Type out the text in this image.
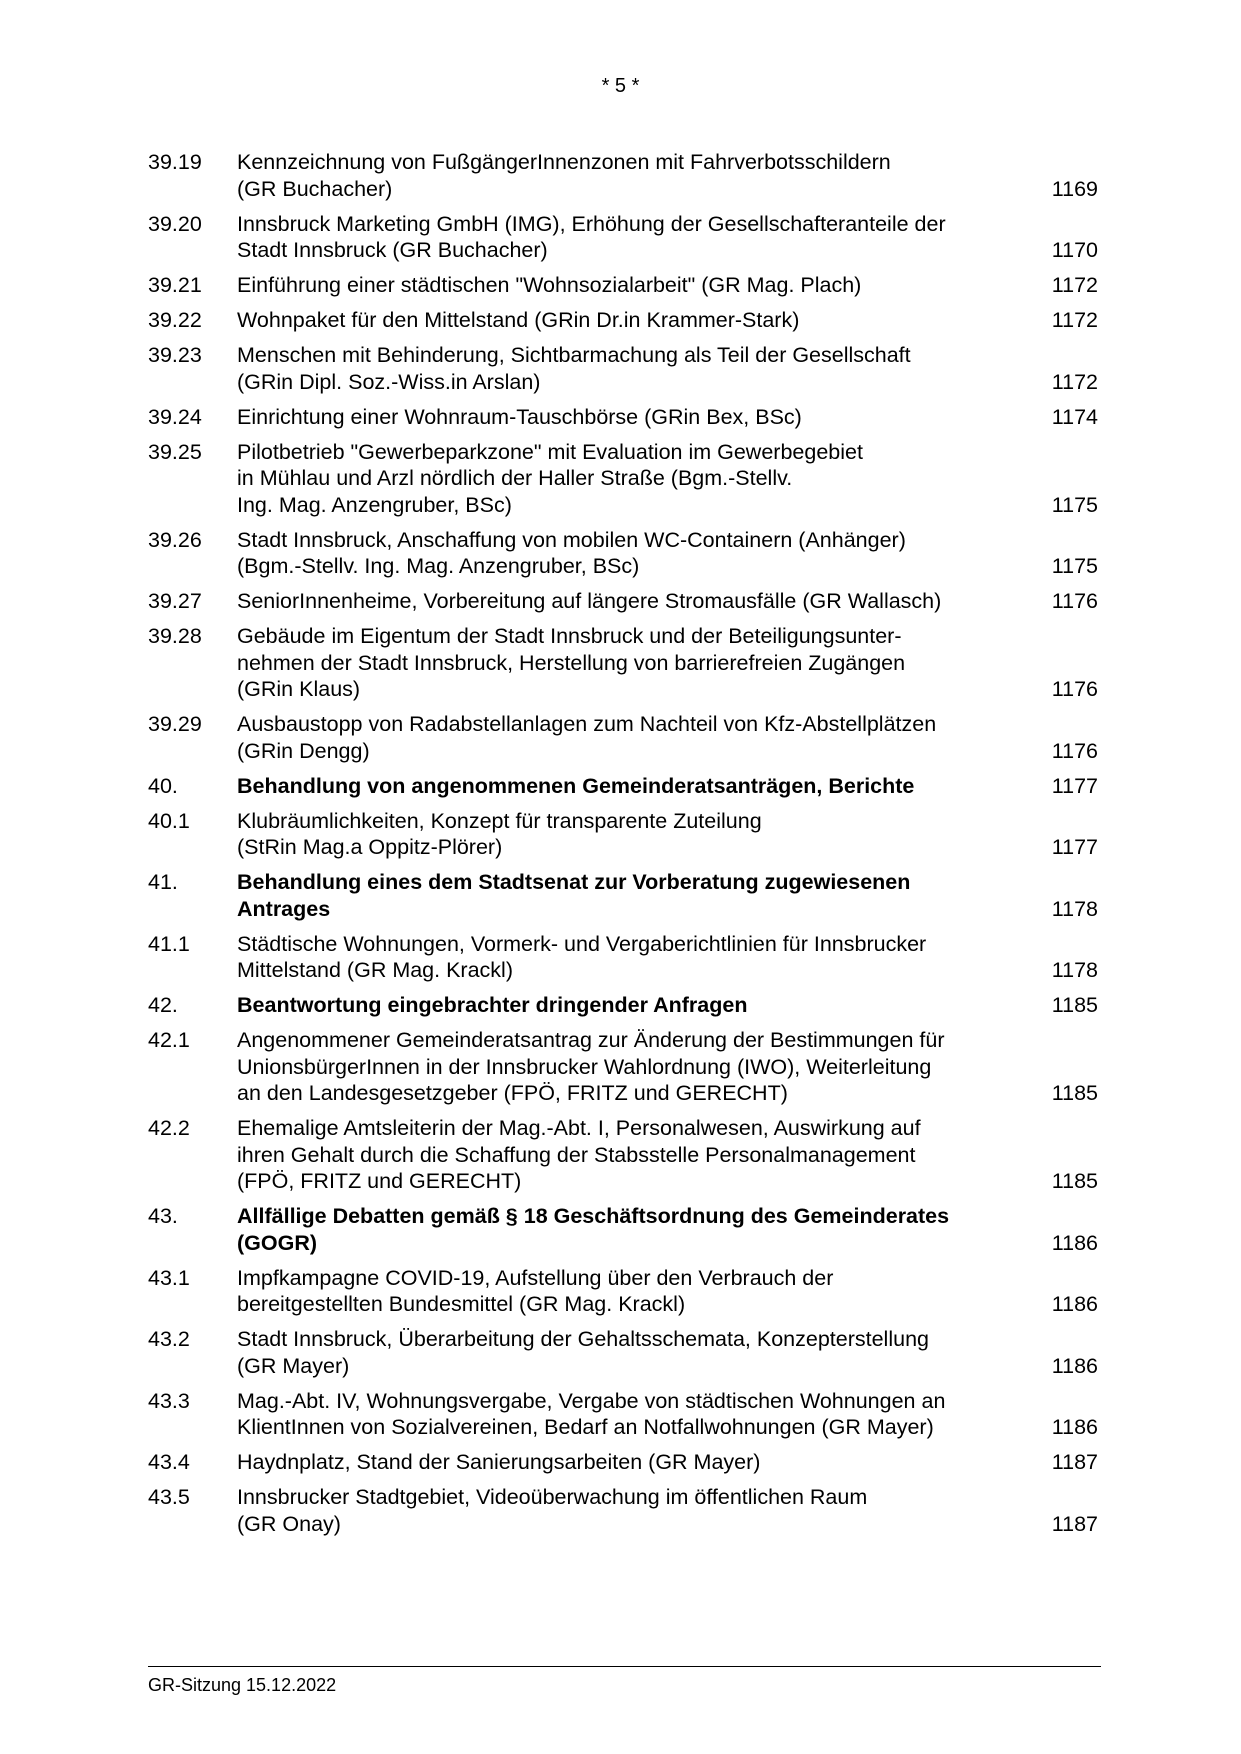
* 5 *
39.19	Kennzeichnung von FußgängerInnenzonen mit Fahrverbotsschildern
(GR Buchacher)	1169
39.20	Innsbruck Marketing GmbH (IMG), Erhöhung der Gesellschafteranteile der
Stadt Innsbruck (GR Buchacher)	1170
39.21	Einführung einer städtischen "Wohnsozialarbeit" (GR Mag. Plach)	1172
39.22	Wohnpaket für den Mittelstand (GRin Dr.in Krammer-Stark)	1172
39.23	Menschen mit Behinderung, Sichtbarmachung als Teil der Gesellschaft
(GRin Dipl. Soz.-Wiss.in Arslan)	1172
39.24	Einrichtung einer Wohnraum-Tauschbörse (GRin Bex, BSc)	1174
39.25	Pilotbetrieb "Gewerbeparkzone" mit Evaluation im Gewerbegebiet
in Mühlau und Arzl nördlich der Haller Straße (Bgm.-Stellv.
Ing. Mag. Anzengruber, BSc)	1175
39.26	Stadt Innsbruck, Anschaffung von mobilen WC-Containern (Anhänger)
(Bgm.-Stellv. Ing. Mag. Anzengruber, BSc)	1175
39.27	SeniorInnenheime, Vorbereitung auf längere Stromausfälle (GR Wallasch)	1176
39.28	Gebäude im Eigentum der Stadt Innsbruck und der Beteiligungsunter-
nehmen der Stadt Innsbruck, Herstellung von barrierefreien Zugängen
(GRin Klaus)	1176
39.29	Ausbaustopp von Radabstellanlagen zum Nachteil von Kfz-Abstellplätzen
(GRin Dengg)	1176
40.	Behandlung von angenommenen Gemeinderatsanträgen, Berichte	1177
40.1	Klubräumlichkeiten, Konzept für transparente Zuteilung
(StRin Mag.a Oppitz-Plörer)	1177
41.	Behandlung eines dem Stadtsenat zur Vorberatung zugewiesenen
Antrages	1178
41.1	Städtische Wohnungen, Vormerk- und Vergaberichtlinien für Innsbrucker
Mittelstand (GR Mag. Krackl)	1178
42.	Beantwortung eingebrachter dringender Anfragen	1185
42.1	Angenommener Gemeinderatsantrag zur Änderung der Bestimmungen für
UnionsbürgerInnen in der Innsbrucker Wahlordnung (IWO), Weiterleitung
an den Landesgesetzgeber (FPÖ, FRITZ und GERECHT)	1185
42.2	Ehemalige Amtsleiterin der Mag.-Abt. I, Personalwesen, Auswirkung auf
ihren Gehalt durch die Schaffung der Stabsstelle Personalmanagement
(FPÖ, FRITZ und GERECHT)	1185
43.	Allfällige Debatten gemäß § 18 Geschäftsordnung des Gemeinderates
(GOGR)	1186
43.1	Impfkampagne COVID-19, Aufstellung über den Verbrauch der
bereitgestellten Bundesmittel (GR Mag. Krackl)	1186
43.2	Stadt Innsbruck, Überarbeitung der Gehaltsschemata, Konzepterstellung
(GR Mayer)	1186
43.3	Mag.-Abt. IV, Wohnungsvergabe, Vergabe von städtischen Wohnungen an
KlientInnen von Sozialvereinen, Bedarf an Notfallwohnungen (GR Mayer)	1186
43.4	Haydnplatz, Stand der Sanierungsarbeiten (GR Mayer)	1187
43.5	Innsbrucker Stadtgebiet, Videoüberwachung im öffentlichen Raum
(GR Onay)	1187
GR-Sitzung 15.12.2022
